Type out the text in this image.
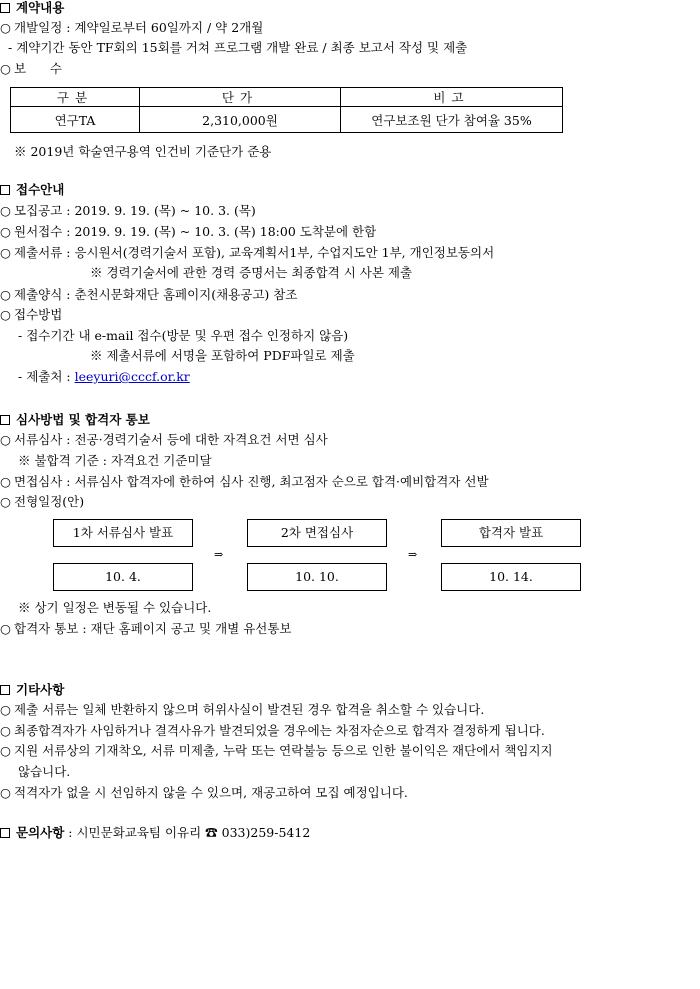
계약내용
○ 개발일정 : 계약일로부터 60일까지 / 약 2개월
- 계약기간 동안 TF회의 15회를 거쳐 프로그램 개발 완료 / 최종 보고서 작성 및 제출
○ 보      수
구분	단가	비고
연구TA	2,310,000원	연구보조원 단가 참여율 35%
※ 2019년 학술연구용역 인건비 기준단가 준용
접수안내
○ 모집공고 : 2019. 9. 19. (목) ~ 10. 3. (목)
○ 원서접수 : 2019. 9. 19. (목) ~ 10. 3. (목) 18:00 도착분에 한함
○ 제출서류 : 응시원서(경력기술서 포함), 교육계획서1부, 수업지도안 1부, 개인정보동의서
※ 경력기술서에 관한 경력 증명서는 최종합격 시 사본 제출
○ 제출양식 : 춘천시문화재단 홈페이지(채용공고) 참조
○ 접수방법
- 접수기간 내 e-mail 접수(방문 및 우편 접수 인정하지 않음)
※ 제출서류에 서명을 포함하여 PDF파일로 제출
- 제출처 : leeyuri@cccf.or.kr
심사방법 및 합격자 통보
○ 서류심사 : 전공·경력기술서 등에 대한 자격요건 서면 심사
※ 불합격 기준 : 자격요건 기준미달
○ 면접심사 : 서류심사 합격자에 한하여 심사 진행, 최고점자 순으로 합격·예비합격자 선발
○ 전형일정(안)
1차 서류심사 발표
10. 4.
⇒
2차 면접심사
10. 10.
⇒
합격자 발표
10. 14.
※ 상기 일정은 변동될 수 있습니다.
○ 합격자 통보 : 재단 홈페이지 공고 및 개별 유선통보
기타사항
○ 제출 서류는 일체 반환하지 않으며 허위사실이 발견된 경우 합격을 취소할 수 있습니다.
○ 최종합격자가 사임하거나 결격사유가 발견되었을 경우에는 차점자순으로 합격자 결정하게 됩니다.
○ 지원 서류상의 기재착오, 서류 미제출, 누락 또는 연락불능 등으로 인한 불이익은 재단에서 책임지지
않습니다.
○ 적격자가 없을 시 선임하지 않을 수 있으며, 재공고하여 모집 예정입니다.
문의사항 : 시민문화교육팀 이유리 ☎ 033)259-5412
